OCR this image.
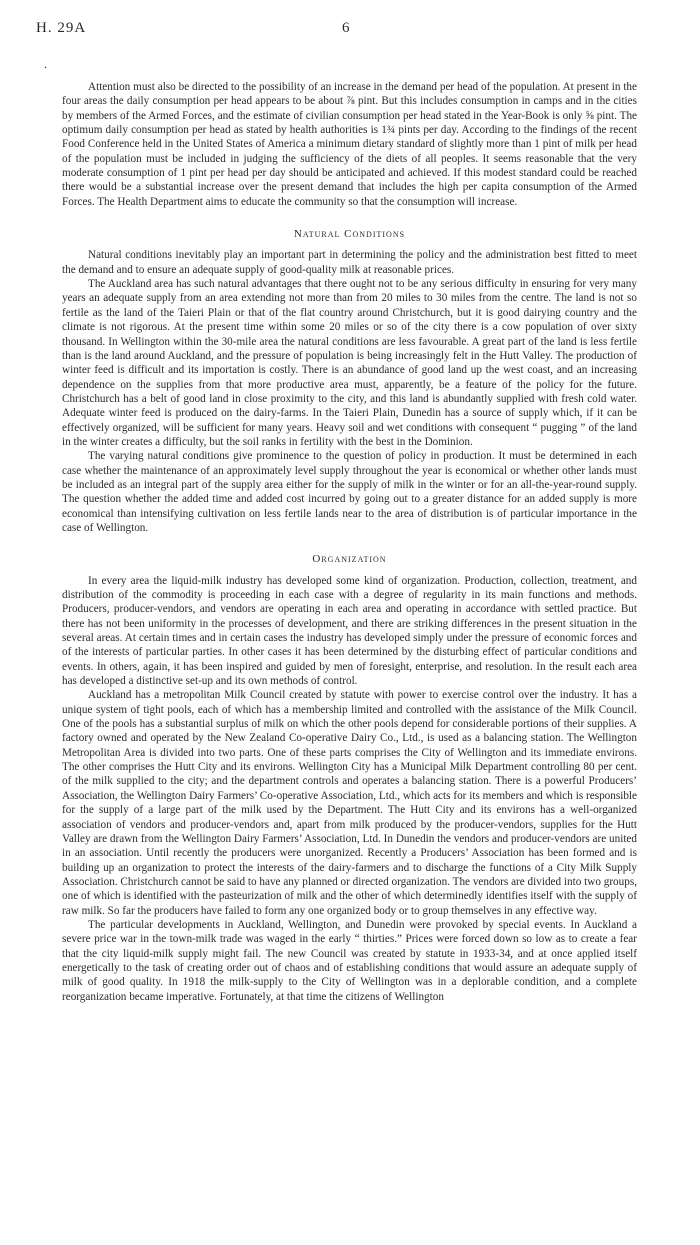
H. 29A	6
.

Attention must also be directed to the possibility of an increase in the demand per head of the population. At present in the four areas the daily consumption per head appears to be about ⅞ pint. But this includes consumption in camps and in the cities by members of the Armed Forces, and the estimate of civilian consumption per head stated in the Year-Book is only ⅝ pint. The optimum daily consumption per head as stated by health authorities is 1¾ pints per day. According to the findings of the recent Food Conference held in the United States of America a minimum dietary standard of slightly more than 1 pint of milk per head of the population must be included in judging the sufficiency of the diets of all peoples. It seems reasonable that the very moderate consumption of 1 pint per head per day should be anticipated and achieved. If this modest standard could be reached there would be a substantial increase over the present demand that includes the high per capita consumption of the Armed Forces. The Health Department aims to educate the community so that the consumption will increase.

Natural Conditions

Natural conditions inevitably play an important part in determining the policy and the administration best fitted to meet the demand and to ensure an adequate supply of good-quality milk at reasonable prices.

The Auckland area has such natural advantages that there ought not to be any serious difficulty in ensuring for very many years an adequate supply from an area extending not more than from 20 miles to 30 miles from the centre. The land is not so fertile as the land of the Taieri Plain or that of the flat country around Christchurch, but it is good dairying country and the climate is not rigorous. At the present time within some 20 miles or so of the city there is a cow population of over sixty thousand. In Wellington within the 30-mile area the natural conditions are less favourable. A great part of the land is less fertile than is the land around Auckland, and the pressure of population is being increasingly felt in the Hutt Valley. The production of winter feed is difficult and its importation is costly. There is an abundance of good land up the west coast, and an increasing dependence on the supplies from that more productive area must, apparently, be a feature of the policy for the future. Christchurch has a belt of good land in close proximity to the city, and this land is abundantly supplied with fresh cold water. Adequate winter feed is produced on the dairy-farms. In the Taieri Plain, Dunedin has a source of supply which, if it can be effectively organized, will be sufficient for many years. Heavy soil and wet conditions with consequent “ pugging ” of the land in the winter creates a difficulty, but the soil ranks in fertility with the best in the Dominion.

The varying natural conditions give prominence to the question of policy in production. It must be determined in each case whether the maintenance of an approximately level supply throughout the year is economical or whether other lands must be included as an integral part of the supply area either for the supply of milk in the winter or for an all-the-year-round supply. The question whether the added time and added cost incurred by going out to a greater distance for an added supply is more economical than intensifying cultivation on less fertile lands near to the area of distribution is of particular importance in the case of Wellington.

Organization

In every area the liquid-milk industry has developed some kind of organization. Production, collection, treatment, and distribution of the commodity is proceeding in each case with a degree of regularity in its main functions and methods. Producers, producer-vendors, and vendors are operating in each area and operating in accordance with settled practice. But there has not been uniformity in the processes of development, and there are striking differences in the present situation in the several areas. At certain times and in certain cases the industry has developed simply under the pressure of economic forces and of the interests of particular parties. In other cases it has been determined by the disturbing effect of particular conditions and events. In others, again, it has been inspired and guided by men of foresight, enterprise, and resolution. In the result each area has developed a distinctive set-up and its own methods of control.

Auckland has a metropolitan Milk Council created by statute with power to exercise control over the industry. It has a unique system of tight pools, each of which has a membership limited and controlled with the assistance of the Milk Council. One of the pools has a substantial surplus of milk on which the other pools depend for considerable portions of their supplies. A factory owned and operated by the New Zealand Co-operative Dairy Co., Ltd., is used as a balancing station. The Wellington Metropolitan Area is divided into two parts. One of these parts comprises the City of Wellington and its immediate environs. The other comprises the Hutt City and its environs. Wellington City has a Municipal Milk Department controlling 80 per cent. of the milk supplied to the city; and the department controls and operates a balancing station. There is a powerful Producers’ Association, the Wellington Dairy Farmers’ Co-operative Association, Ltd., which acts for its members and which is responsible for the supply of a large part of the milk used by the Department. The Hutt City and its environs has a well-organized association of vendors and producer-vendors and, apart from milk produced by the producer-vendors, supplies for the Hutt Valley are drawn from the Wellington Dairy Farmers’ Association, Ltd. In Dunedin the vendors and producer-vendors are united in an association. Until recently the producers were unorganized. Recently a Producers’ Association has been formed and is building up an organization to protect the interests of the dairy-farmers and to discharge the functions of a City Milk Supply Association. Christchurch cannot be said to have any planned or directed organization. The vendors are divided into two groups, one of which is identified with the pasteurization of milk and the other of which determinedly identifies itself with the supply of raw milk. So far the producers have failed to form any one organized body or to group themselves in any effective way.

The particular developments in Auckland, Wellington, and Dunedin were provoked by special events. In Auckland a severe price war in the town-milk trade was waged in the early “ thirties.” Prices were forced down so low as to create a fear that the city liquid-milk supply might fail. The new Council was created by statute in 1933-34, and at once applied itself energetically to the task of creating order out of chaos and of establishing conditions that would assure an adequate supply of milk of good quality. In 1918 the milk-supply to the City of Wellington was in a deplorable condition, and a complete reorganization became imperative. Fortunately, at that time the citizens of Wellington
